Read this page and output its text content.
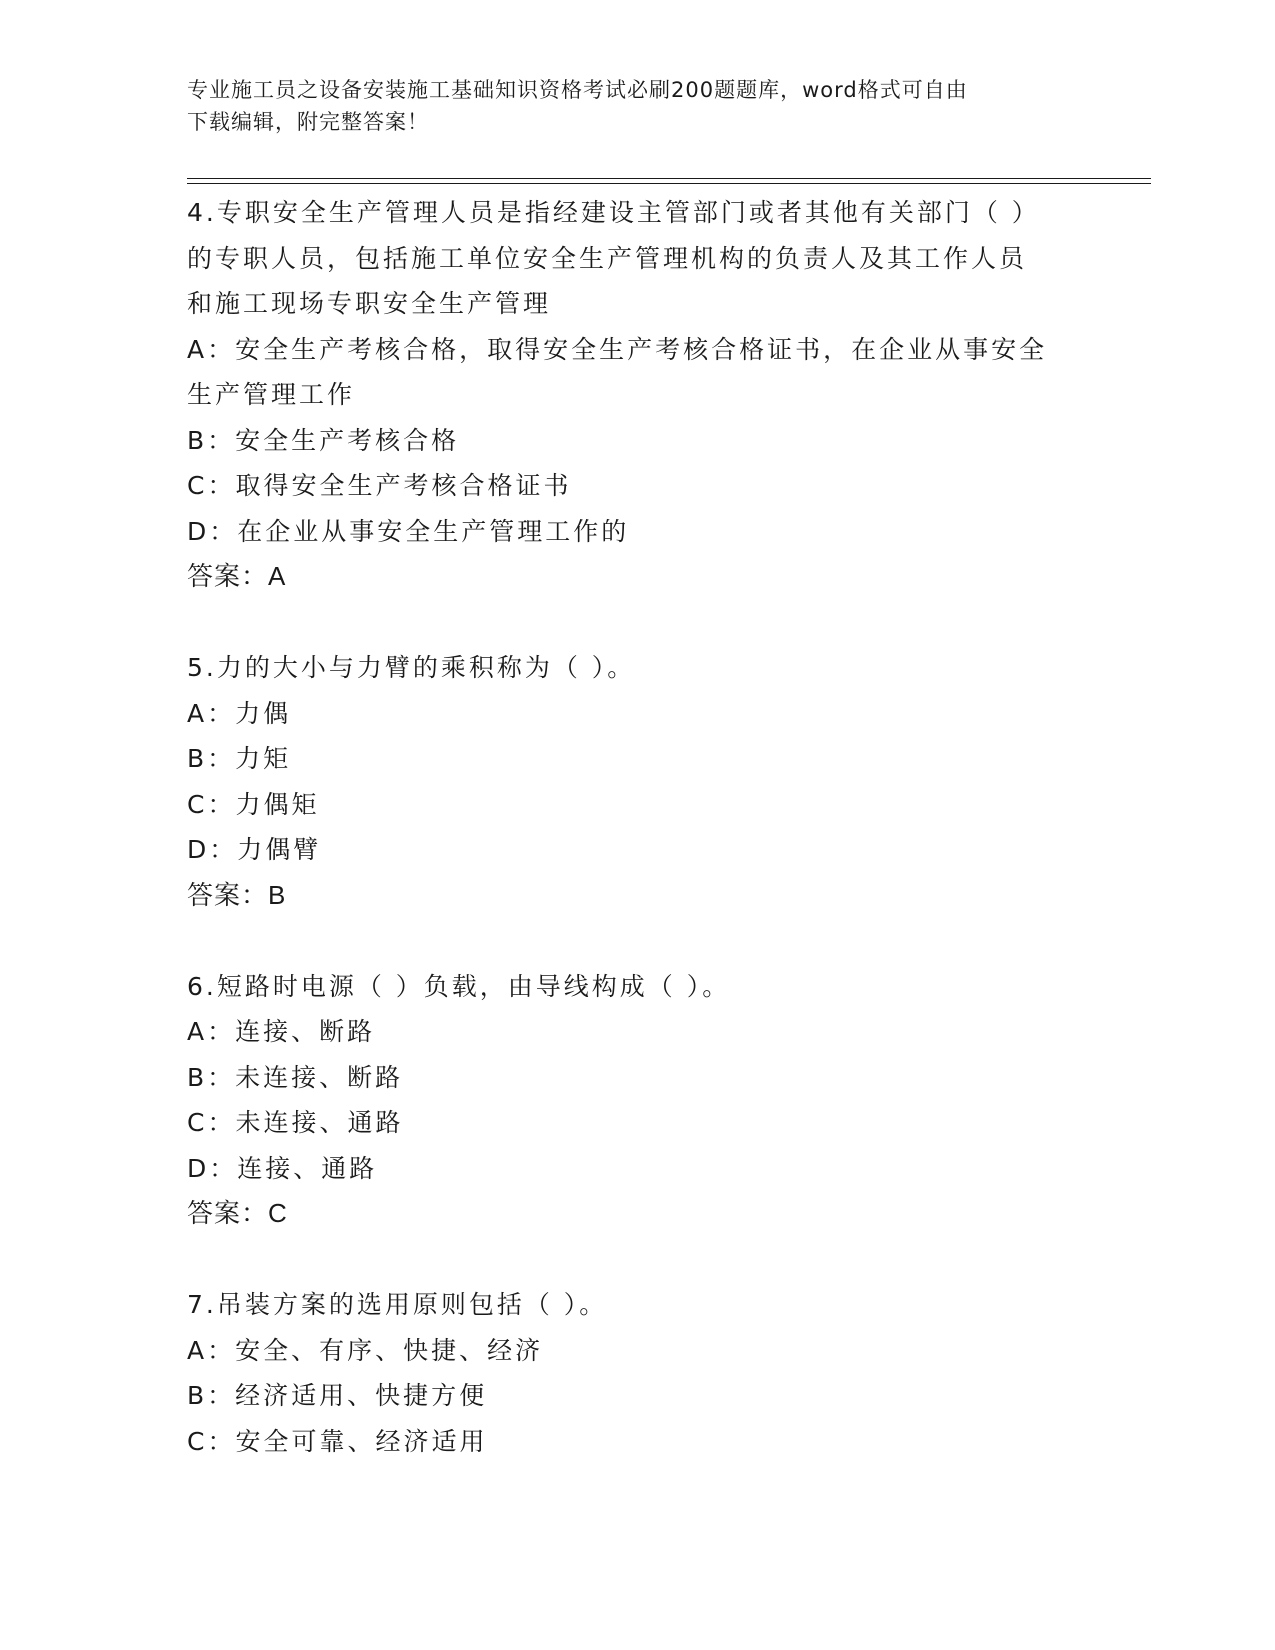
专业施工员之设备安装施工基础知识资格考试必刷200题题库，word格式可自由
下载编辑，附完整答案！
4.专职安全生产管理人员是指经建设主管部门或者其他有关部门（ ）
的专职人员，包括施工单位安全生产管理机构的负责人及其工作人员
和施工现场专职安全生产管理
A：安全生产考核合格，取得安全生产考核合格证书，在企业从事安全
生产管理工作
B：安全生产考核合格
C：取得安全生产考核合格证书
D：在企业从事安全生产管理工作的
答案：A
5.力的大小与力臂的乘积称为（ ）。
A：力偶
B：力矩
C：力偶矩
D：力偶臂
答案：B
6.短路时电源（ ）负载，由导线构成（ ）。
A：连接、断路
B：未连接、断路
C：未连接、通路
D：连接、通路
答案：C
7.吊装方案的选用原则包括（ ）。
A：安全、有序、快捷、经济
B：经济适用、快捷方便
C：安全可靠、经济适用
